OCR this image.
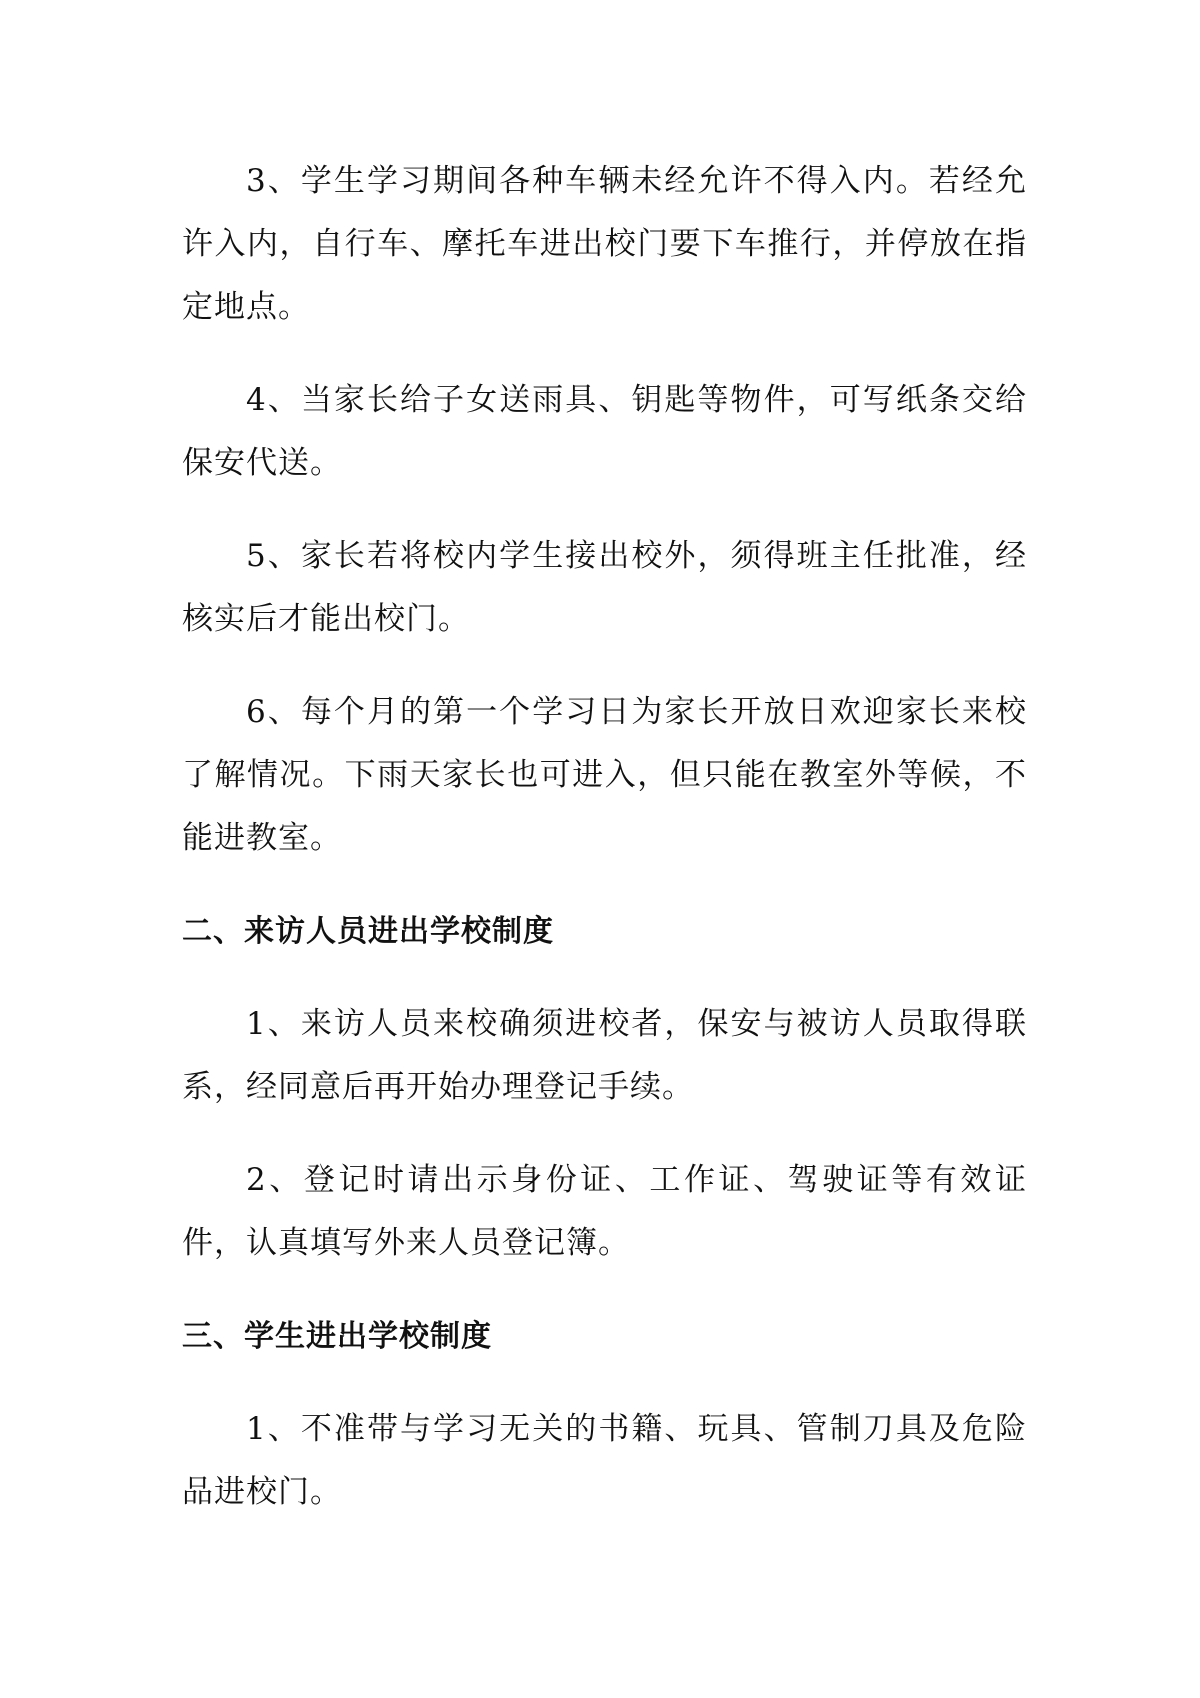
3、学生学习期间各种车辆未经允许不得入内。若经允许入内，自行车、摩托车进出校门要下车推行，并停放在指定地点。

4、当家长给子女送雨具、钥匙等物件，可写纸条交给保安代送。

5、家长若将校内学生接出校外，须得班主任批准，经核实后才能出校门。

6、每个月的第一个学习日为家长开放日欢迎家长来校了解情况。下雨天家长也可进入，但只能在教室外等候，不能进教室。

二、来访人员进出学校制度

1、来访人员来校确须进校者，保安与被访人员取得联系，经同意后再开始办理登记手续。

2、登记时请出示身份证、工作证、驾驶证等有效证件，认真填写外来人员登记簿。

三、学生进出学校制度

1、不准带与学习无关的书籍、玩具、管制刀具及危险品进校门。
